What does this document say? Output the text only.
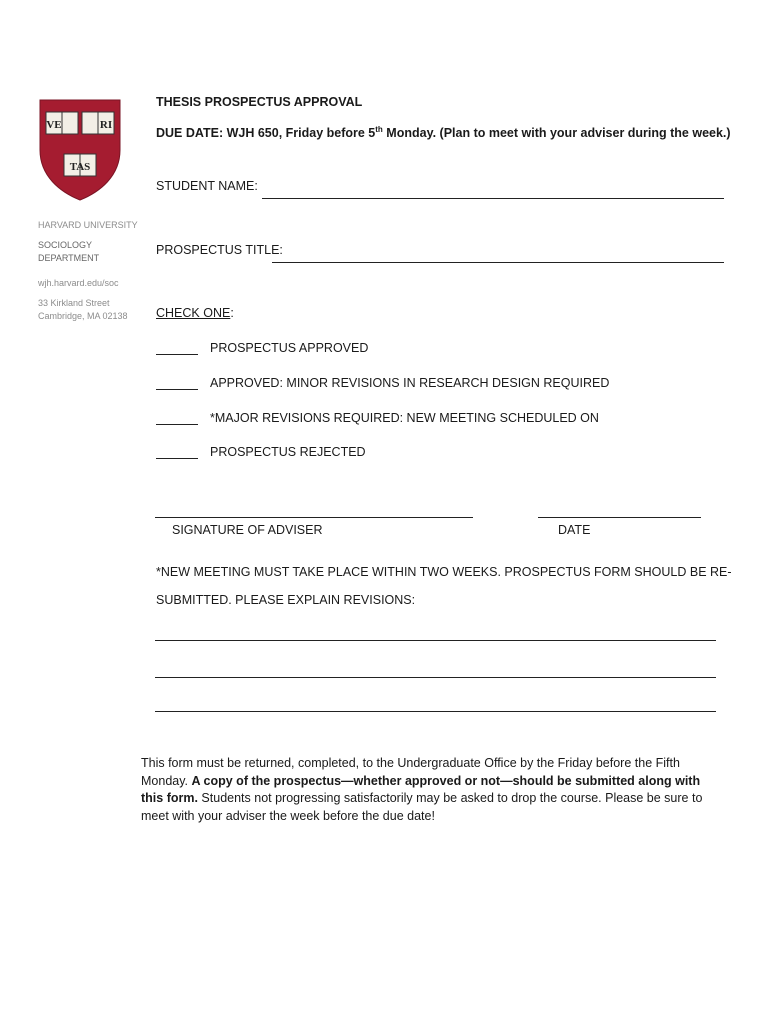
VE	RI
TAS
HARVARD UNIVERSITY
SOCIOLOGY
DEPARTMENT
wjh.harvard.edu/soc
33 Kirkland Street
Cambridge, MA 02138
THESIS PROSPECTUS APPROVAL
DUE DATE: WJH 650, Friday before 5th Monday. (Plan to meet with your adviser during the week.)
STUDENT NAME:
PROSPECTUS TITLE:
CHECK ONE:
PROSPECTUS APPROVED
APPROVED: MINOR REVISIONS IN RESEARCH DESIGN REQUIRED
*MAJOR REVISIONS REQUIRED: NEW MEETING SCHEDULED ON
PROSPECTUS REJECTED
SIGNATURE OF ADVISER	DATE
*NEW MEETING MUST TAKE PLACE WITHIN TWO WEEKS. PROSPECTUS FORM SHOULD BE RE-
SUBMITTED. PLEASE EXPLAIN REVISIONS:
This form must be returned, completed, to the Undergraduate Office by the Friday before the Fifth Monday. A copy of the prospectus—whether approved or not—should be submitted along with this form. Students not progressing satisfactorily may be asked to drop the course. Please be sure to meet with your adviser the week before the due date!
